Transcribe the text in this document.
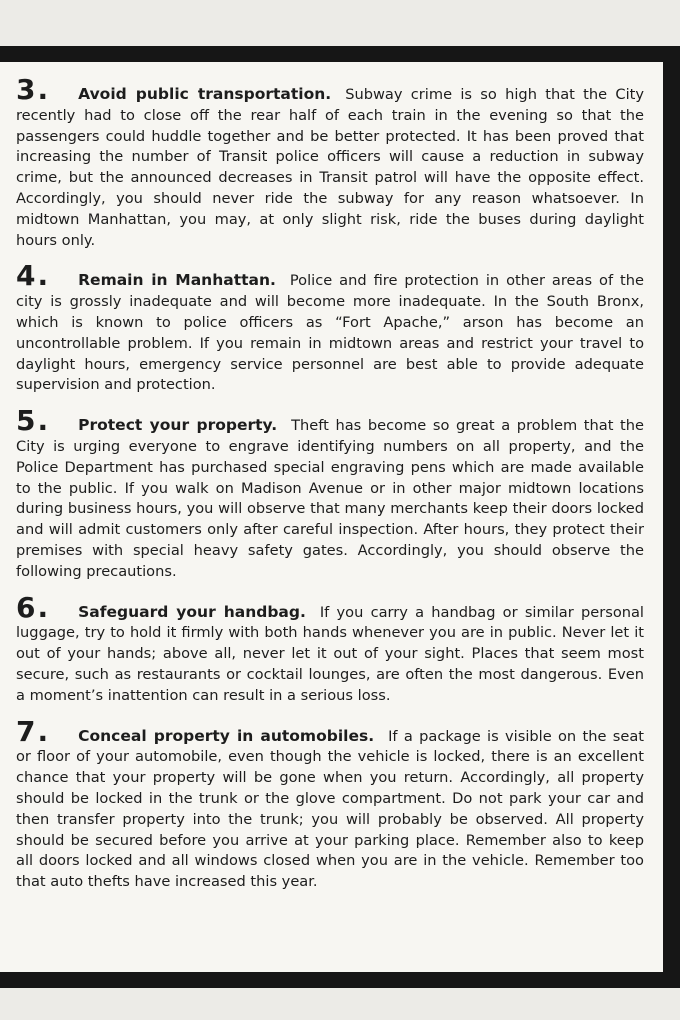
3. Avoid public transportation. Subway crime is so high that the City recently had to close off the rear half of each train in the evening so that the passengers could huddle together and be better protected. It has been proved that increasing the number of Transit police officers will cause a reduction in subway crime, but the announced decreases in Transit patrol will have the opposite effect. Accordingly, you should never ride the subway for any reason whatsoever. In midtown Manhattan, you may, at only slight risk, ride the buses during daylight hours only.

4. Remain in Manhattan. Police and fire protection in other areas of the city is grossly inadequate and will become more inadequate. In the South Bronx, which is known to police officers as “Fort Apache,” arson has become an uncontrollable problem. If you remain in midtown areas and restrict your travel to daylight hours, emergency service personnel are best able to provide adequate supervision and protection.

5. Protect your property. Theft has become so great a problem that the City is urging everyone to engrave identifying numbers on all property, and the Police Department has purchased special engraving pens which are made available to the public. If you walk on Madison Avenue or in other major midtown locations during business hours, you will observe that many merchants keep their doors locked and will admit customers only after careful inspection. After hours, they protect their premises with special heavy safety gates. Accordingly, you should observe the following precautions.

6. Safeguard your handbag. If you carry a handbag or similar personal luggage, try to hold it firmly with both hands whenever you are in public. Never let it out of your hands; above all, never let it out of your sight. Places that seem most secure, such as restaurants or cocktail lounges, are often the most dangerous. Even a moment’s inattention can result in a serious loss.

7. Conceal property in automobiles. If a package is visible on the seat or floor of your automobile, even though the vehicle is locked, there is an excellent chance that your property will be gone when you return. Accordingly, all property should be locked in the trunk or the glove compartment. Do not park your car and then transfer property into the trunk; you will probably be observed. All property should be secured before you arrive at your parking place. Remember also to keep all doors locked and all windows closed when you are in the vehicle. Remember too that auto thefts have increased this year.
